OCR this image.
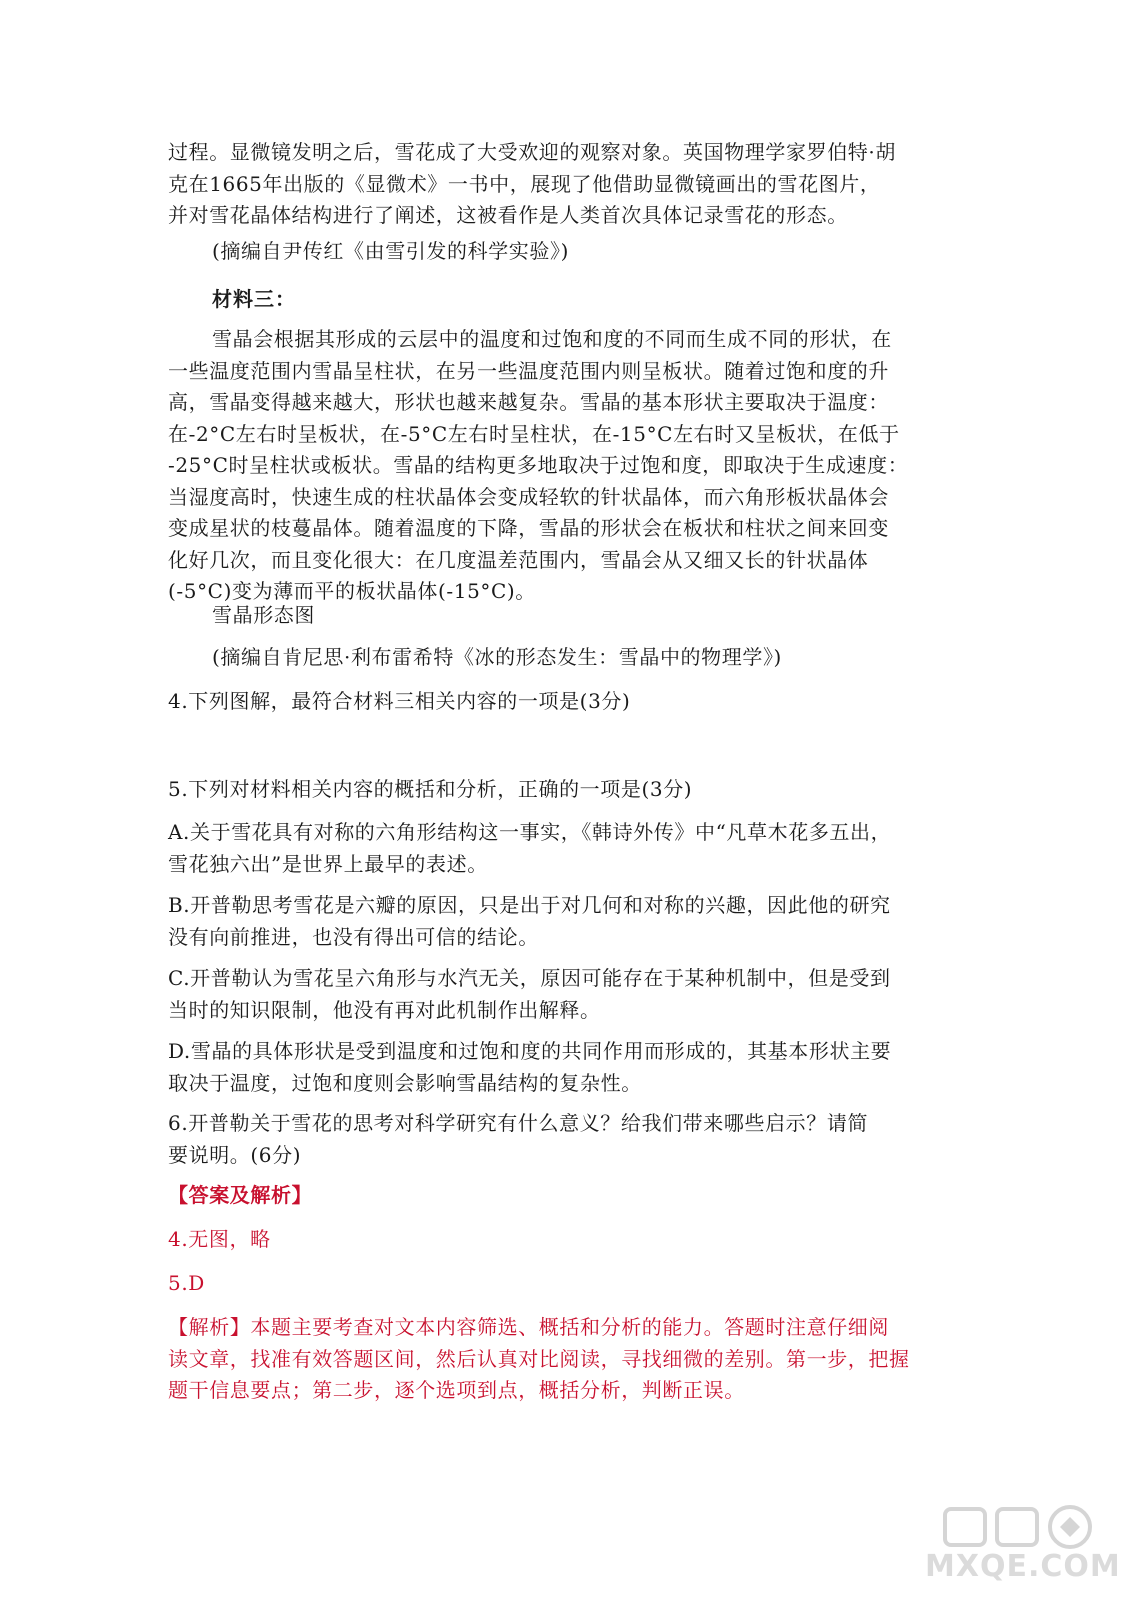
过程。显微镜发明之后，雪花成了大受欢迎的观察对象。英国物理学家罗伯特·胡
克在1665年出版的《显微术》一书中，展现了他借助显微镜画出的雪花图片，
并对雪花晶体结构进行了阐述，这被看作是人类首次具体记录雪花的形态。
(摘编自尹传红《由雪引发的科学实验》)
材料三：
雪晶会根据其形成的云层中的温度和过饱和度的不同而生成不同的形状，在
一些温度范围内雪晶呈柱状，在另一些温度范围内则呈板状。随着过饱和度的升
高，雪晶变得越来越大，形状也越来越复杂。雪晶的基本形状主要取决于温度：
在-2°C左右时呈板状，在-5°C左右时呈柱状，在-15°C左右时又呈板状，在低于
-25°C时呈柱状或板状。雪晶的结构更多地取决于过饱和度，即取决于生成速度：
当湿度高时，快速生成的柱状晶体会变成轻软的针状晶体，而六角形板状晶体会
变成星状的枝蔓晶体。随着温度的下降，雪晶的形状会在板状和柱状之间来回变
化好几次，而且变化很大：在几度温差范围内，雪晶会从又细又长的针状晶体
(-5°C)变为薄而平的板状晶体(-15°C)。
雪晶形态图
(摘编自肯尼思·利布雷希特《冰的形态发生：雪晶中的物理学》)
4.下列图解，最符合材料三相关内容的一项是(3分)
5.下列对材料相关内容的概括和分析，正确的一项是(3分)
A.关于雪花具有对称的六角形结构这一事实，《韩诗外传》中“凡草木花多五出，
雪花独六出”是世界上最早的表述。
B.开普勒思考雪花是六瓣的原因，只是出于对几何和对称的兴趣，因此他的研究
没有向前推进，也没有得出可信的结论。
C.开普勒认为雪花呈六角形与水汽无关，原因可能存在于某种机制中，但是受到
当时的知识限制，他没有再对此机制作出解释。
D.雪晶的具体形状是受到温度和过饱和度的共同作用而形成的，其基本形状主要
取决于温度，过饱和度则会影响雪晶结构的复杂性。
6.开普勒关于雪花的思考对科学研究有什么意义？给我们带来哪些启示？请简
要说明。(6分)
【答案及解析】
4.无图，略
5.D
【解析】本题主要考查对文本内容筛选、概括和分析的能力。答题时注意仔细阅
读文章，找准有效答题区间，然后认真对比阅读，寻找细微的差别。第一步，把握
题干信息要点；第二步，逐个选项到点，概括分析，判断正误。
MXQE.COM
